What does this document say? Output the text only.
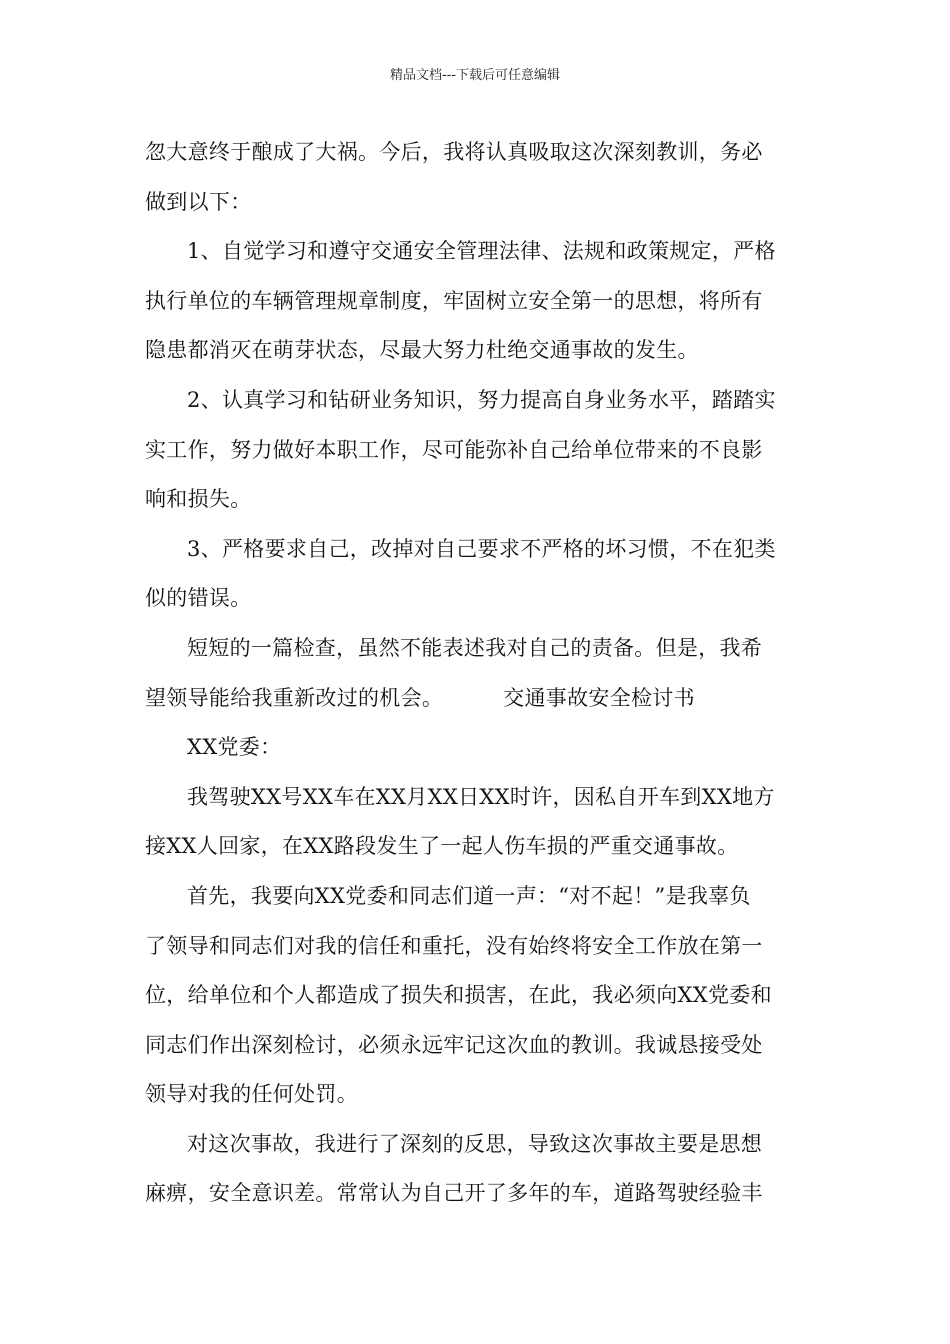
精品文档---下载后可任意编辑
忽大意终于酿成了大祸。今后，我将认真吸取这次深刻教训，务必
做到以下：
1、自觉学习和遵守交通安全管理法律、法规和政策规定，严格
执行单位的车辆管理规章制度，牢固树立安全第一的思想，将所有
隐患都消灭在萌芽状态，尽最大努力杜绝交通事故的发生。
2、认真学习和钻研业务知识，努力提高自身业务水平，踏踏实
实工作，努力做好本职工作，尽可能弥补自己给单位带来的不良影
响和损失。
3、严格要求自己，改掉对自己要求不严格的坏习惯，不在犯类
似的错误。
短短的一篇检查，虽然不能表述我对自己的责备。但是，我希
望领导能给我重新改过的机会。	交通事故安全检讨书
XX党委：
我驾驶XX号XX车在XX月XX日XX时许，因私自开车到XX地方
接XX人回家，在XX路段发生了一起人伤车损的严重交通事故。
首先，我要向XX党委和同志们道一声：“对不起！”是我辜负
了领导和同志们对我的信任和重托，没有始终将安全工作放在第一
位，给单位和个人都造成了损失和损害，在此，我必须向XX党委和
同志们作出深刻检讨，必须永远牢记这次血的教训。我诚恳接受处
领导对我的任何处罚。
对这次事故，我进行了深刻的反思，导致这次事故主要是思想
麻痹，安全意识差。常常认为自己开了多年的车，道路驾驶经验丰
